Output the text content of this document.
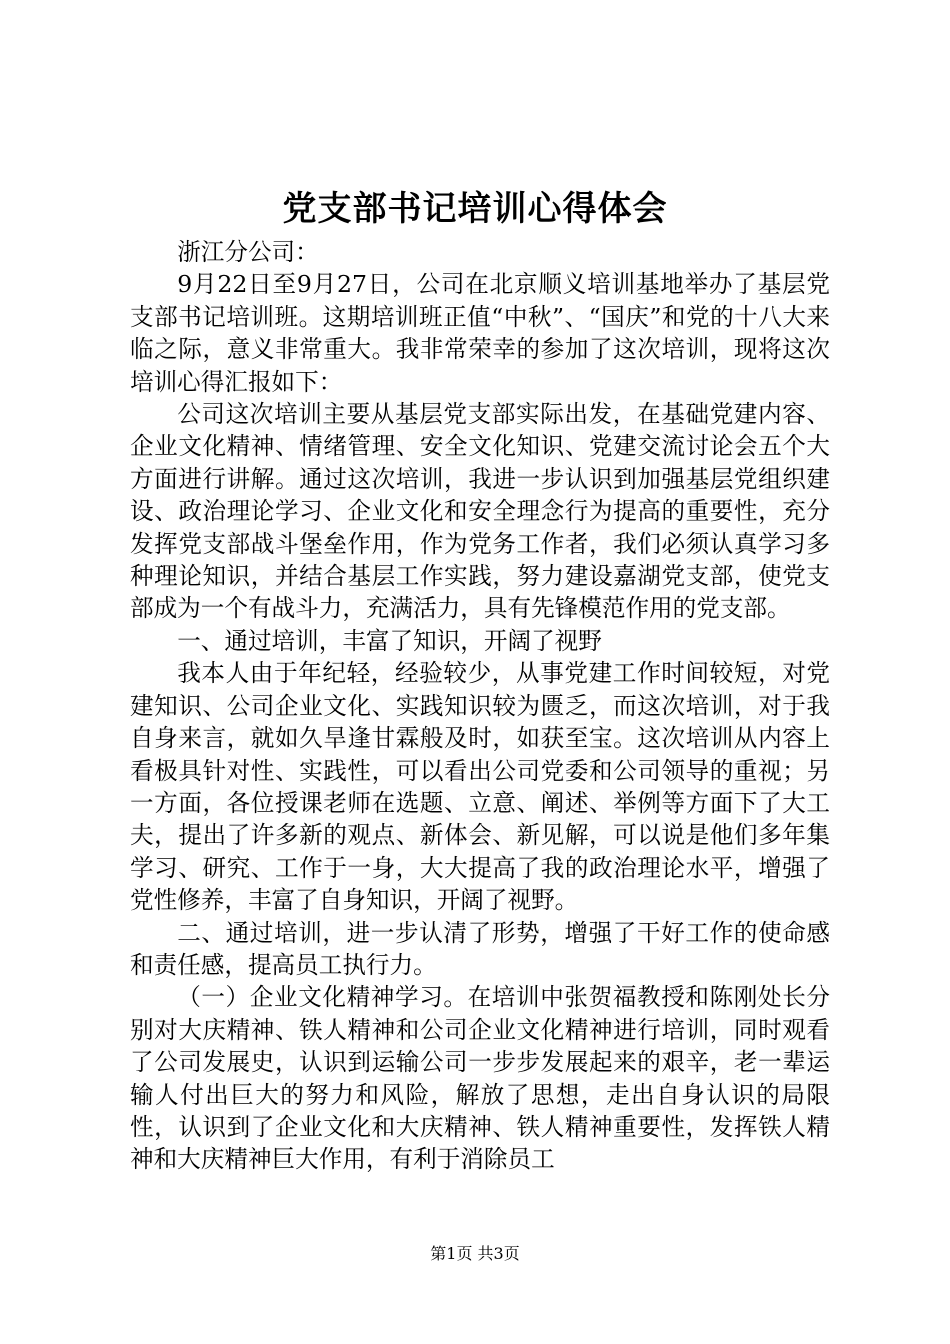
党支部书记培训心得体会

浙江分公司：

9月22日至9月27日，公司在北京顺义培训基地举办了基层党支部书记培训班。这期培训班正值“中秋”、“国庆”和党的十八大来临之际，意义非常重大。我非常荣幸的参加了这次培训，现将这次培训心得汇报如下：

公司这次培训主要从基层党支部实际出发，在基础党建内容、企业文化精神、情绪管理、安全文化知识、党建交流讨论会五个大方面进行讲解。通过这次培训，我进一步认识到加强基层党组织建设、政治理论学习、企业文化和安全理念行为提高的重要性，充分发挥党支部战斗堡垒作用，作为党务工作者，我们必须认真学习多种理论知识，并结合基层工作实践，努力建设嘉湖党支部，使党支部成为一个有战斗力，充满活力，具有先锋模范作用的党支部。

一、通过培训，丰富了知识，开阔了视野

我本人由于年纪轻，经验较少，从事党建工作时间较短，对党建知识、公司企业文化、实践知识较为匮乏，而这次培训，对于我自身来言，就如久旱逢甘霖般及时，如获至宝。这次培训从内容上看极具针对性、实践性，可以看出公司党委和公司领导的重视；另一方面，各位授课老师在选题、立意、阐述、举例等方面下了大工夫，提出了许多新的观点、新体会、新见解，可以说是他们多年集学习、研究、工作于一身，大大提高了我的政治理论水平，增强了党性修养，丰富了自身知识，开阔了视野。

二、通过培训，进一步认清了形势，增强了干好工作的使命感和责任感，提高员工执行力。

（一）企业文化精神学习。在培训中张贺福教授和陈刚处长分别对大庆精神、铁人精神和公司企业文化精神进行培训，同时观看了公司发展史，认识到运输公司一步步发展起来的艰辛，老一辈运输人付出巨大的努力和风险，解放了思想，走出自身认识的局限性，认识到了企业文化和大庆精神、铁人精神重要性，发挥铁人精神和大庆精神巨大作用，有利于消除员工

第1页 共3页
